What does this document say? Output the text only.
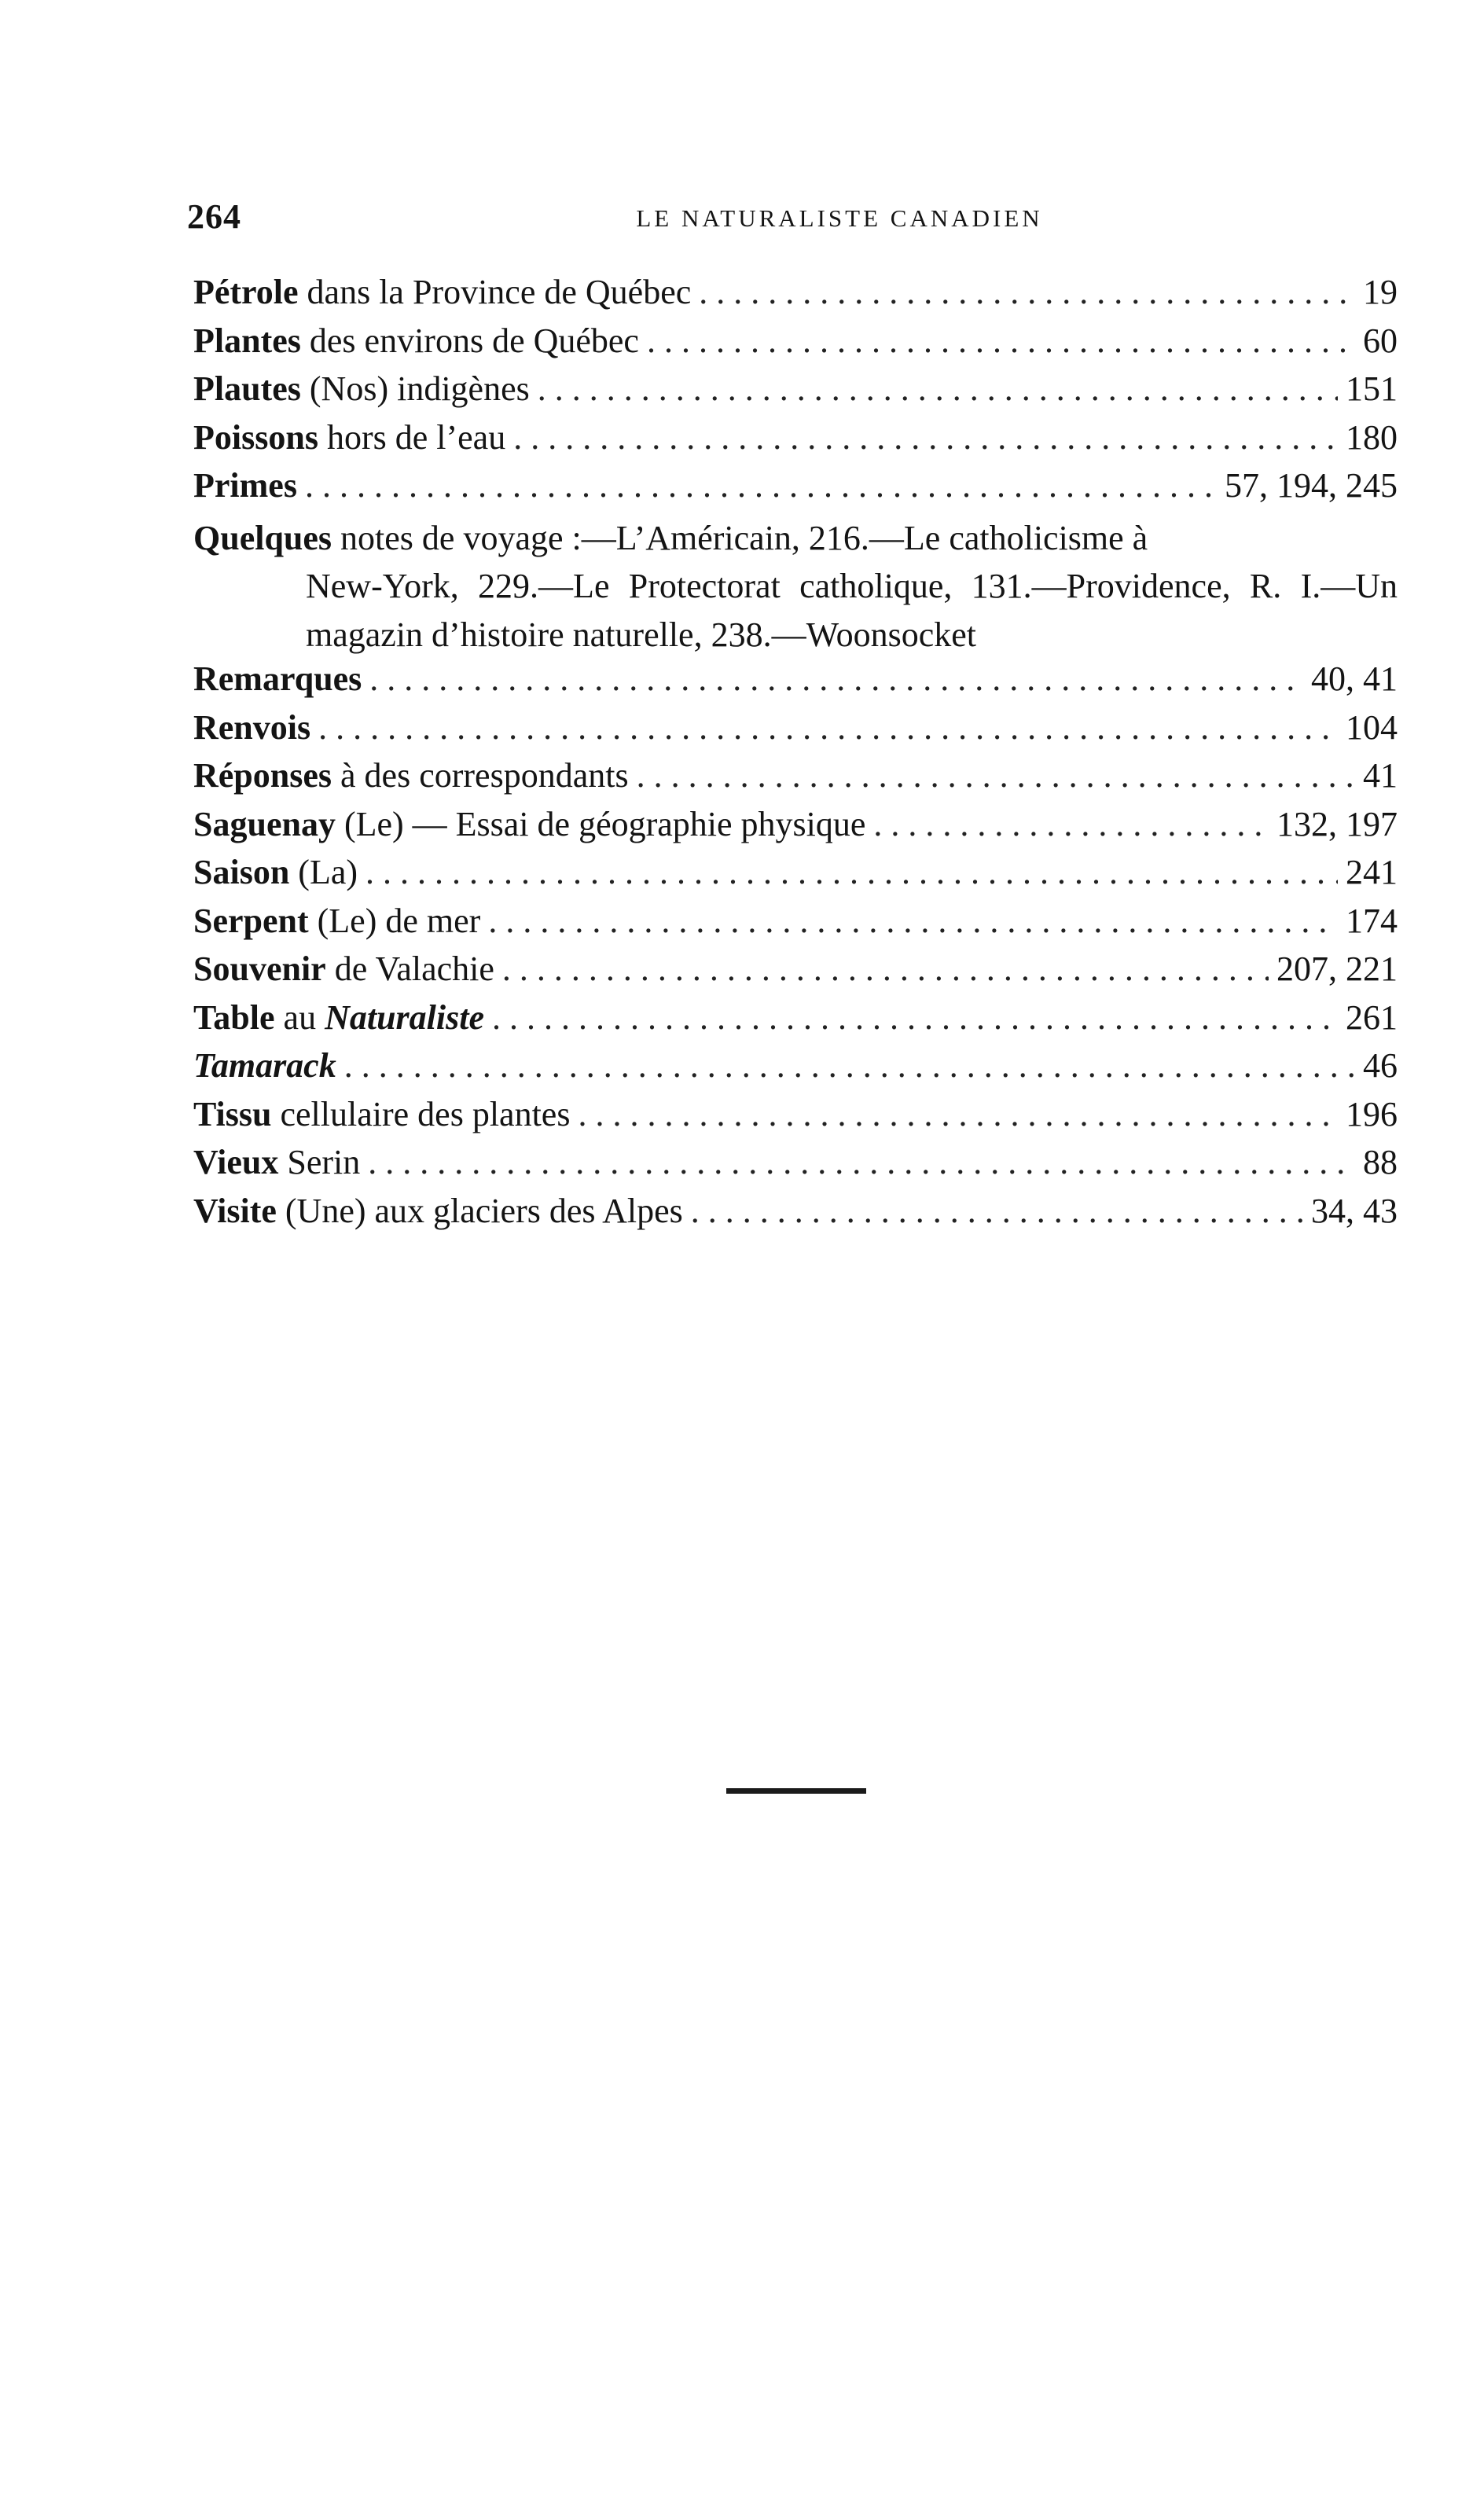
264	LE NATURALISTE CANADIEN
Pétrole dans la Province de Québec . . .	19
Plantes des environs de Québec . . .	60
Plautes (Nos) indigènes . . .	151
Poissons hors de l’eau . . .	180
Primes . . .	57, 194, 245
Quelques notes de voyage :—L’Américain, 216.—Le catholicisme à
New-York, 229.—Le Protectorat catholique, 131.—Providence, R. I.—Un magazin d’histoire naturelle, 238.—Woonsocket
Remarques . . .	40, 41
Renvois . . .	104
Réponses à des correspondants . . .	41
Saguenay (Le) — Essai de géographie physique . . .	132, 197
Saison (La) . . .	241
Serpent (Le) de mer . . .	174
Souvenir de Valachie . . .	207, 221
Table au Naturaliste . . .	261
Tamarack . . .	46
Tissu cellulaire des plantes . . .	196
Vieux Serin . . .	88
Visite (Une) aux glaciers des Alpes . . .	34, 43
